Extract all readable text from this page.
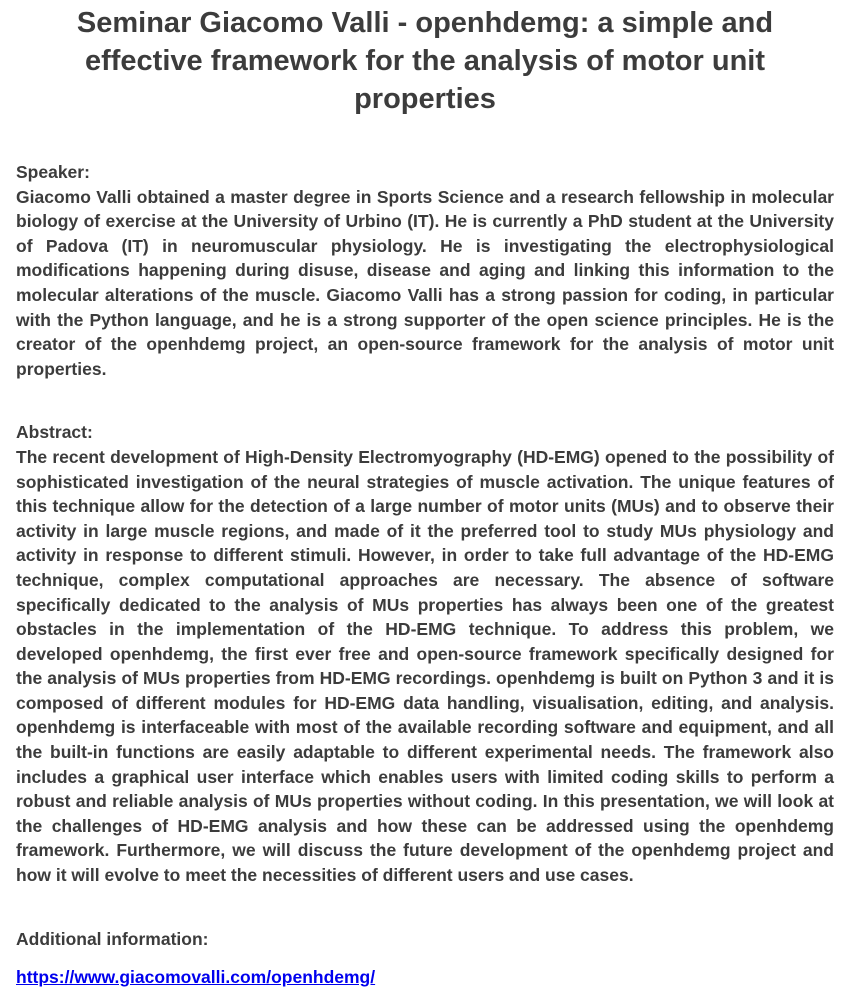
Seminar Giacomo Valli - openhdemg: a simple and effective framework for the analysis of motor unit properties

Speaker:

Giacomo Valli obtained a master degree in Sports Science and a research fellowship in molecular biology of exercise at the University of Urbino (IT). He is currently a PhD student at the University of Padova (IT) in neuromuscular physiology. He is investigating the electrophysiological modifications happening during disuse, disease and aging and linking this information to the molecular alterations of the muscle. Giacomo Valli has a strong passion for coding, in particular with the Python language, and he is a strong supporter of the open science principles. He is the creator of the openhdemg project, an open-source framework for the analysis of motor unit properties.

Abstract:

The recent development of High-Density Electromyography (HD-EMG) opened to the possibility of sophisticated investigation of the neural strategies of muscle activation. The unique features of this technique allow for the detection of a large number of motor units (MUs) and to observe their activity in large muscle regions, and made of it the preferred tool to study MUs physiology and activity in response to different stimuli. However, in order to take full advantage of the HD-EMG technique, complex computational approaches are necessary. The absence of software specifically dedicated to the analysis of MUs properties has always been one of the greatest obstacles in the implementation of the HD-EMG technique. To address this problem, we developed openhdemg, the first ever free and open-source framework specifically designed for the analysis of MUs properties from HD-EMG recordings. openhdemg is built on Python 3 and it is composed of different modules for HD-EMG data handling, visualisation, editing, and analysis. openhdemg is interfaceable with most of the available recording software and equipment, and all the built-in functions are easily adaptable to different experimental needs. The framework also includes a graphical user interface which enables users with limited coding skills to perform a robust and reliable analysis of MUs properties without coding. In this presentation, we will look at the challenges of HD-EMG analysis and how these can be addressed using the openhdemg framework. Furthermore, we will discuss the future development of the openhdemg project and how it will evolve to meet the necessities of different users and use cases.

Additional information:

https://www.giacomovalli.com/openhdemg/
